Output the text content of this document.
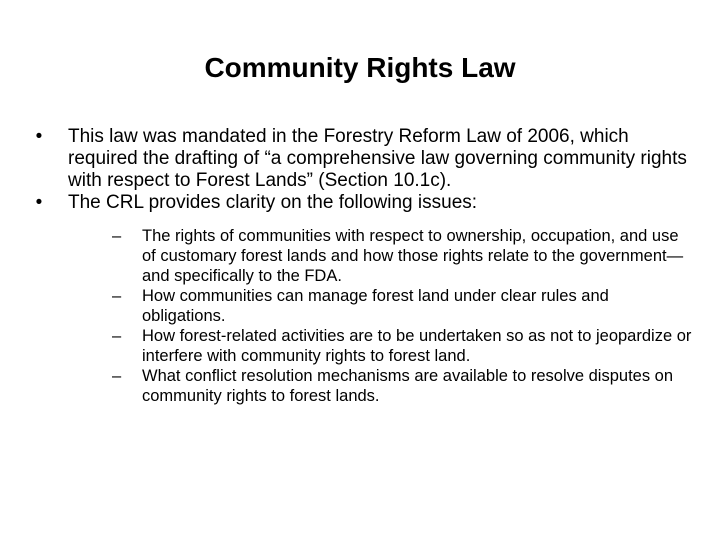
Community Rights Law
• This law was mandated in the Forestry Reform Law of 2006, which required the drafting of “a comprehensive law governing community rights with respect to Forest Lands” (Section 10.1c).
• The CRL provides clarity on the following issues:
– The rights of communities with respect to ownership, occupation, and use of customary forest lands and how those rights relate to the government—and specifically to the FDA.
– How communities can manage forest land under clear rules and obligations.
– How forest-related activities are to be undertaken so as not to jeopardize or interfere with community rights to forest land.
– What conflict resolution mechanisms are available to resolve disputes on community rights to forest lands.
